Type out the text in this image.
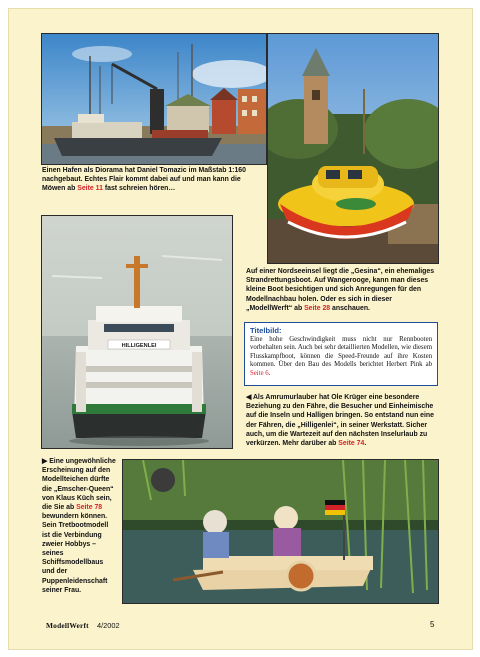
HILLIGENLEI

Einen Hafen als Diorama hat Daniel Tomazic im Maßstab 1:160 nachgebaut. Echtes Flair kommt dabei auf und man kann die Möwen ab Seite 11 fast schreien hören…

Auf einer Nordseeinsel liegt die „Gesina“, ein ehemaliges Strandrettungsboot. Auf Wangerooge, kann man dieses kleine Boot besichtigen und sich Anregungen für den Modellnachbau holen. Oder es sich in dieser „ModellWerft“ ab Seite 28 anschauen.

Titelbild:
Eine hohe Geschwindigkeit muss nicht nur Rennbooten vorbehalten sein. Auch bei sehr detaillierten Modellen, wie diesem Flusskampfboot, können die Speed-Freunde auf ihre Kosten kommen. Über den Bau des Modells berichtet Herbert Pink ab Seite 6.

◀ Als Amrumurlauber hat Ole Krüger eine besondere Beziehung zu den Fähre, die Besucher und Einheimische auf die Inseln und Halligen bringen. So entstand nun eine der Fähren, die „Hilligenlei“, in seiner Werkstatt. Sicher auch, um die Wartezeit auf den nächsten Inselurlaub zu verkürzen. Mehr darüber ab Seite 74.

▶ Eine ungewöhnliche Erscheinung auf den Modellteichen dürfte die „Emscher-Queen“ von Klaus Küch sein, die Sie ab Seite 78 bewundern können. Sein Tretbootmodell ist die Verbindung zweier Hobbys – seines Schiffsmodellbaus und der Puppenleidenschaft seiner Frau.

ModellWerft 4/2002	5
